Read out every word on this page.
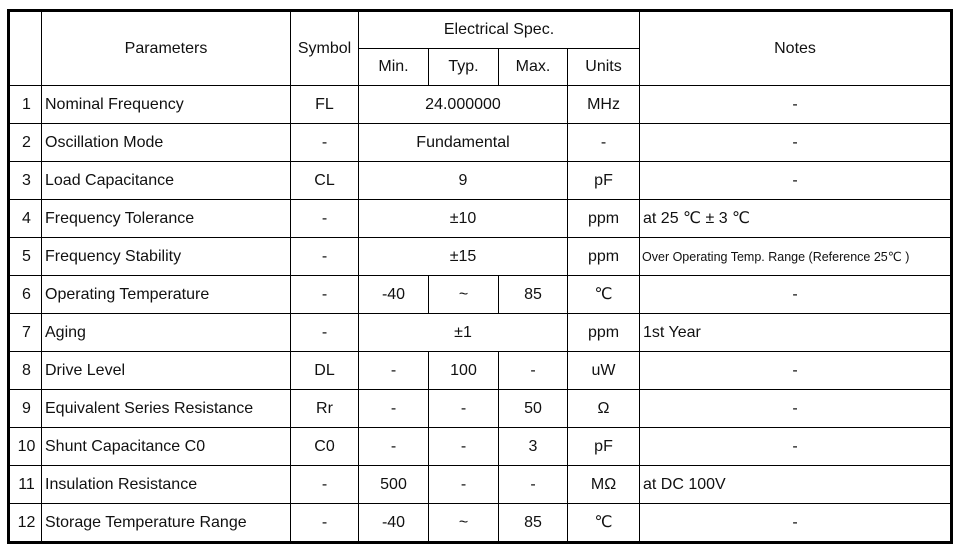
	Parameters	Symbol	Electrical Spec.				Notes
			Min.	Typ.	Max.	Units	
1	Nominal Frequency	FL	24.000000			MHz	-
2	Oscillation Mode	-	Fundamental			-	-
3	Load Capacitance	CL	9			pF	-
4	Frequency Tolerance	-	±10			ppm	at 25 ℃ ± 3 ℃
5	Frequency Stability	-	±15			ppm	Over Operating Temp. Range (Reference 25℃ )
6	Operating Temperature	-	-40	~	85	℃	-
7	Aging	-	±1			ppm	1st Year
8	Drive Level	DL	-	100	-	uW	-
9	Equivalent Series Resistance	Rr	-	-	50	Ω	-
10	Shunt Capacitance C0	C0	-	-	3	pF	-
11	Insulation Resistance	-	500	-	-	MΩ	at DC 100V
12	Storage Temperature Range	-	-40	~	85	℃	-
